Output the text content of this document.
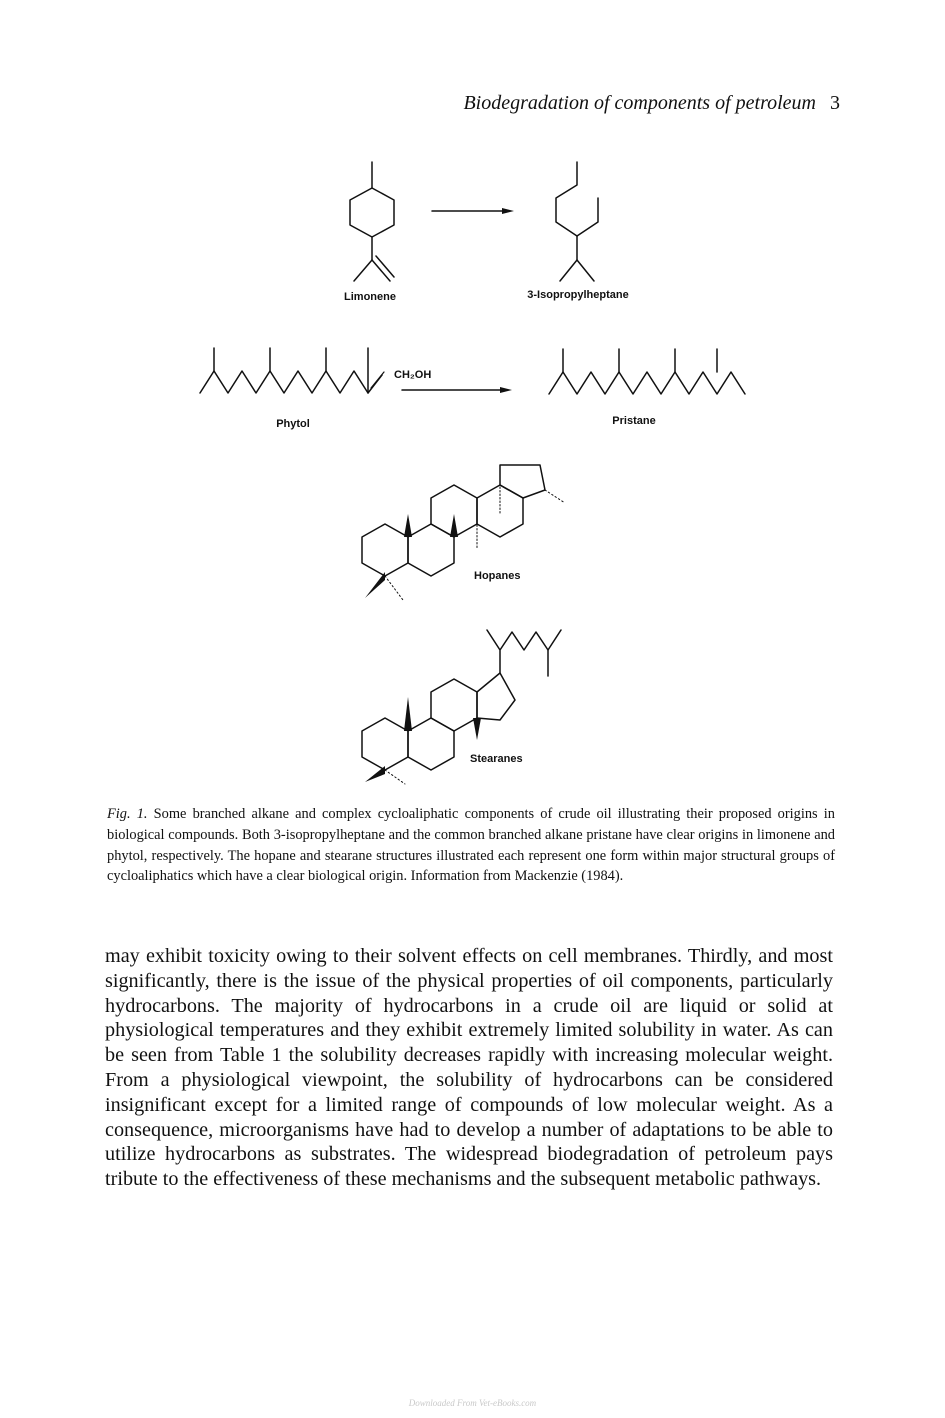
Biodegradation of components of petroleum 3
Limonene	3-Isopropylheptane
CH₂OH
Phytol	Pristane
Hopanes
Stearanes
Fig. 1. Some branched alkane and complex cycloaliphatic components of crude oil illustrating their proposed origins in biological compounds. Both 3-isopropylheptane and the common branched alkane pristane have clear origins in limonene and phytol, respectively. The hopane and stearane structures illustrated each represent one form within major structural groups of cycloaliphatics which have a clear biological origin. Information from Mackenzie (1984).
may exhibit toxicity owing to their solvent effects on cell membranes. Thirdly, and most significantly, there is the issue of the physical properties of oil components, particularly hydrocarbons. The majority of hydrocarbons in a crude oil are liquid or solid at physiological temperatures and they exhibit extremely limited solubility in water. As can be seen from Table 1 the solubility decreases rapidly with increasing molecular weight. From a physiological viewpoint, the solubility of hydrocarbons can be considered insignificant except for a limited range of compounds of low molecular weight. As a consequence, microorganisms have had to develop a number of adaptations to be able to utilize hydrocarbons as substrates. The widespread biodegradation of petroleum pays tribute to the effectiveness of these mechanisms and the subsequent metabolic pathways.
Downloaded From Vet-eBooks.com
